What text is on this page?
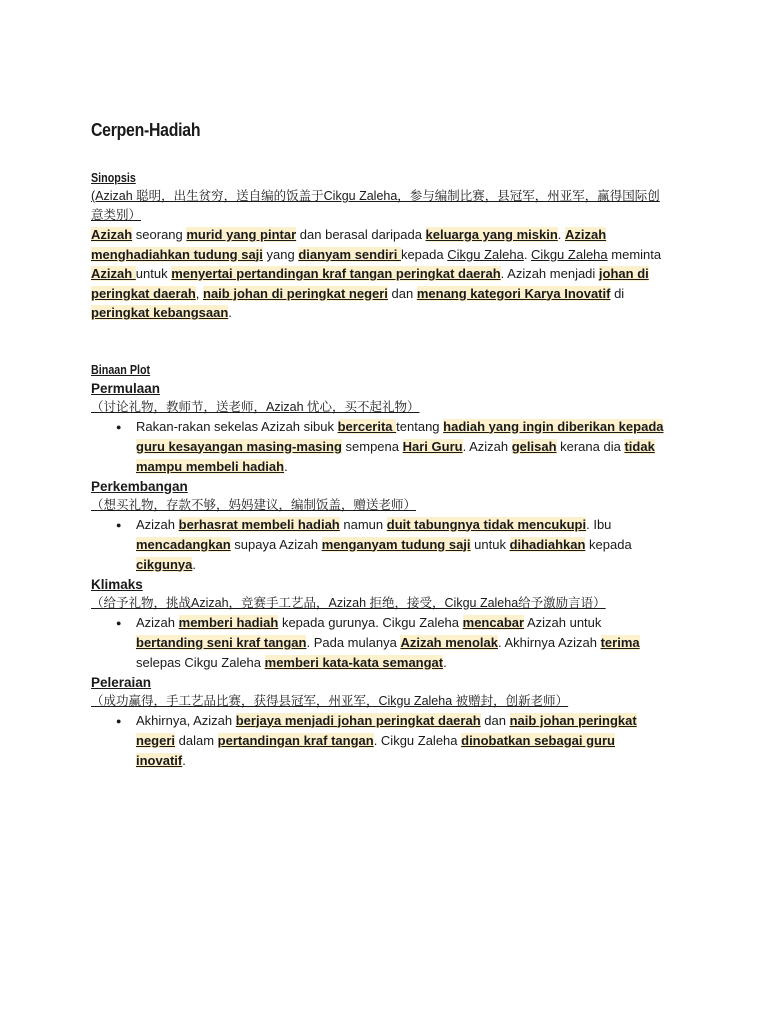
Cerpen-Hadiah
Sinopsis
(Azizah 聪明，出生贫穷，送自编的饭盖于Cikgu Zaleha，参与编制比赛，县冠军，州亚军，赢得国际创意类别）

Azizah seorang murid yang pintar dan berasal daripada keluarga yang miskin. Azizah menghadiahkan tudung saji yang dianyam sendiri kepada Cikgu Zaleha. Cikgu Zaleha meminta Azizah untuk menyertai pertandingan kraf tangan peringkat daerah. Azizah menjadi johan di peringkat daerah, naib johan di peringkat negeri dan menang kategori Karya Inovatif di peringkat kebangsaan.

Binaan Plot
Permulaan
（讨论礼物，教师节，送老师，Azizah 忧心，买不起礼物）
● Rakan-rakan sekelas Azizah sibuk bercerita tentang hadiah yang ingin diberikan kepada guru kesayangan masing-masing sempena Hari Guru. Azizah gelisah kerana dia tidak mampu membeli hadiah.
Perkembangan
（想买礼物，存款不够，妈妈建议，编制饭盖，赠送老师）
● Azizah berhasrat membeli hadiah namun duit tabungnya tidak mencukupi. Ibu mencadangkan supaya Azizah menganyam tudung saji untuk dihadiahkan kepada cikgunya.
Klimaks
（给予礼物，挑战Azizah，竞赛手工艺品，Azizah 拒绝，接受，Cikgu Zaleha给予激励言语）
● Azizah memberi hadiah kepada gurunya. Cikgu Zaleha mencabar Azizah untuk bertanding seni kraf tangan. Pada mulanya Azizah menolak. Akhirnya Azizah terima selepas Cikgu Zaleha memberi kata-kata semangat.
Peleraian
（成功赢得，手工艺品比赛，获得县冠军，州亚军，Cikgu Zaleha 被赠封，创新老师）
● Akhirnya, Azizah berjaya menjadi johan peringkat daerah dan naib johan peringkat negeri dalam pertandingan kraf tangan. Cikgu Zaleha dinobatkan sebagai guru inovatif.
